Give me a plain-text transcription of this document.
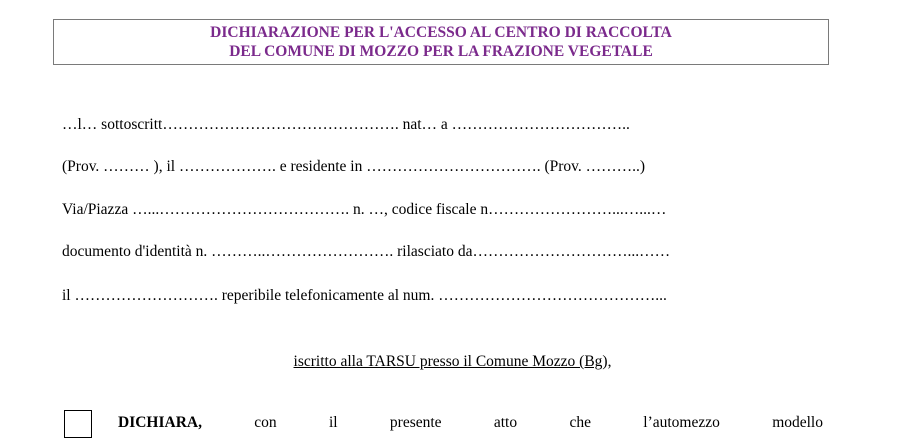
DICHIARAZIONE PER L'ACCESSO AL CENTRO DI RACCOLTA
DEL COMUNE DI MOZZO PER LA FRAZIONE VEGETALE
…l… sottoscritt………………………………………. nat… a ……………………………..
(Prov. ……… ), il ………………. e residente in ……………………………. (Prov. ………..)
Via/Piazza …...………………………………. n. …, codice fiscale n……………………...…...…
documento d'identità n. ………..……………………. rilasciato da…………………………...……
il ………………………. reperibile telefonicamente al num. ……………………………………...
iscritto alla TARSU presso il Comune Mozzo (Bg),
DICHIARA,	con	il	presente	atto	che	l’automezzo	modello
